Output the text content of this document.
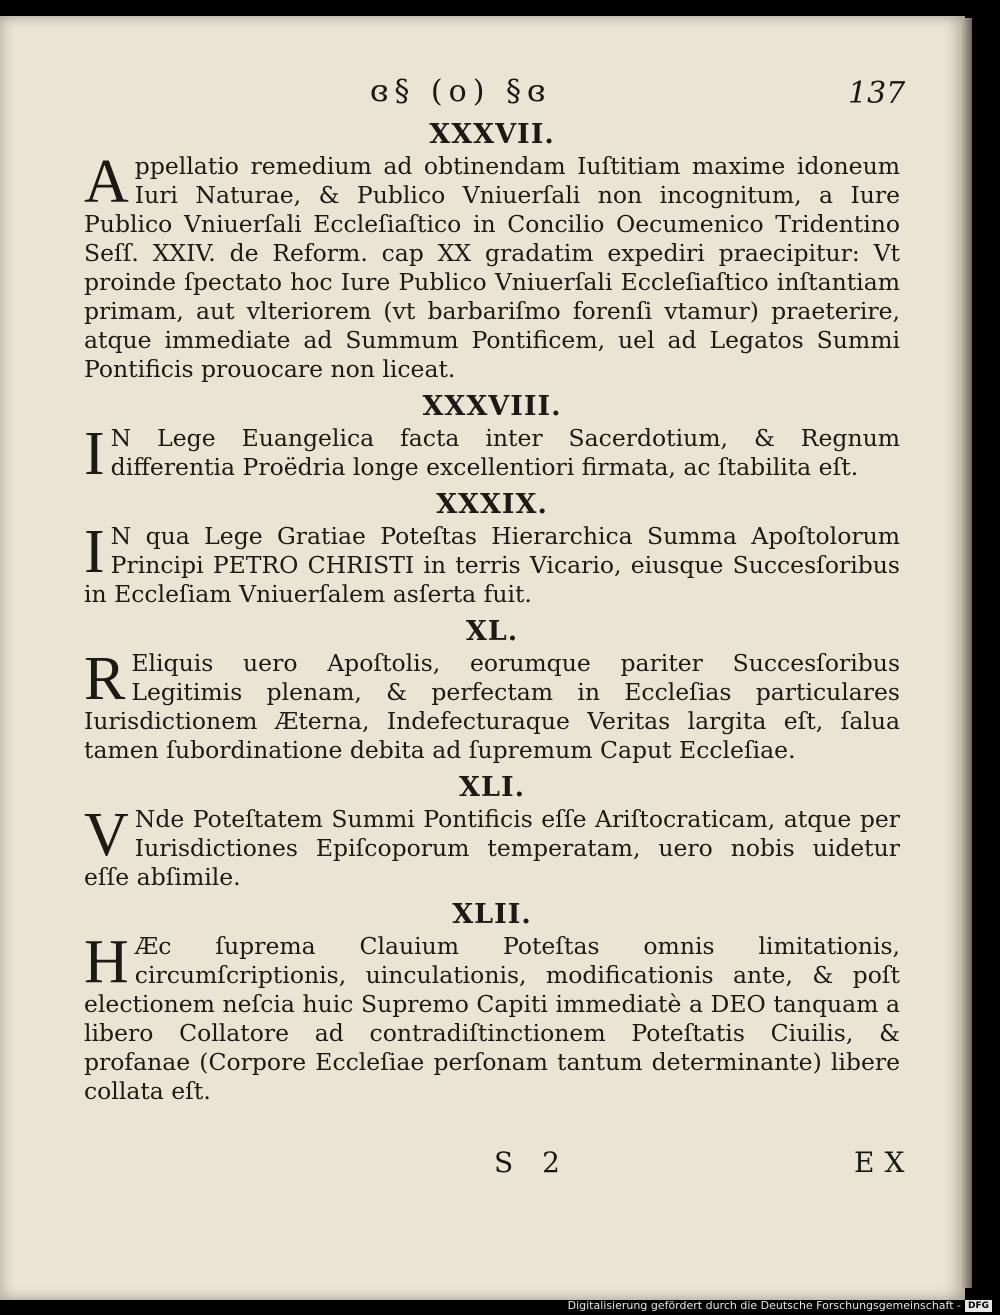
ɞ§ (o) §ɞ	137
XXXVII.

Appellatio remedium ad obtinendam Iuſtitiam maxime idoneum Iuri Naturae, & Publico Vniuerſali non incognitum, a Iure Publico Vniuerſali Eccleſiaſtico in Concilio Oecumenico Tridentino Seſſ. XXIV. de Reform. cap XX gradatim expediri praecipitur: Vt proinde ſpectato hoc Iure Publico Vniuerſali Eccleſiaſtico inſtantiam primam, aut vlteriorem (vt barbariſmo forenſi vtamur) praeterire, atque immediate ad Summum Pontificem, uel ad Legatos Summi Pontificis prouocare non liceat.

XXXVIII.

I N Lege Euangelica facta inter Sacerdotium, & Regnum differentia Proëdria longe excellentiori firmata, ac ſtabilita eſt.

XXXIX.

I N qua Lege Gratiae Poteſtas Hierarchica Summa Apoſtolorum Principi PETRO CHRISTI in terris Vicario, eiusque Succesſoribus in Eccleſiam Vniuerſalem asſerta fuit.

XL.

R Eliquis uero Apoſtolis, eorumque pariter Succesſoribus Legitimis plenam, & perfectam in Eccleſias particulares Iurisdictionem Æterna, Indefecturaque Veritas largita eſt, ſalua tamen ſubordinatione debita ad ſupremum Caput Eccleſiae.

XLI.

V Nde Poteſtatem Summi Pontificis eſſe Ariſtocraticam, atque per Iurisdictiones Epiſcoporum temperatam, uero nobis uidetur eſſe abſimile.

XLII.

H Æc ſuprema Clauium Poteſtas omnis limitationis, circumſcriptionis, uinculationis, modificationis ante, & poſt electionem neſcia huic Supremo Capiti immediatè a DEO tanquam a libero Collatore ad contradiſtinctionem Poteſtatis Ciuilis, & profanae (Corpore Eccleſiae perſonam tantum determinante) libere collata eſt.

S 2	EX
Digitalisierung gefördert durch die Deutsche Forschungsgemeinschaft - DFG
